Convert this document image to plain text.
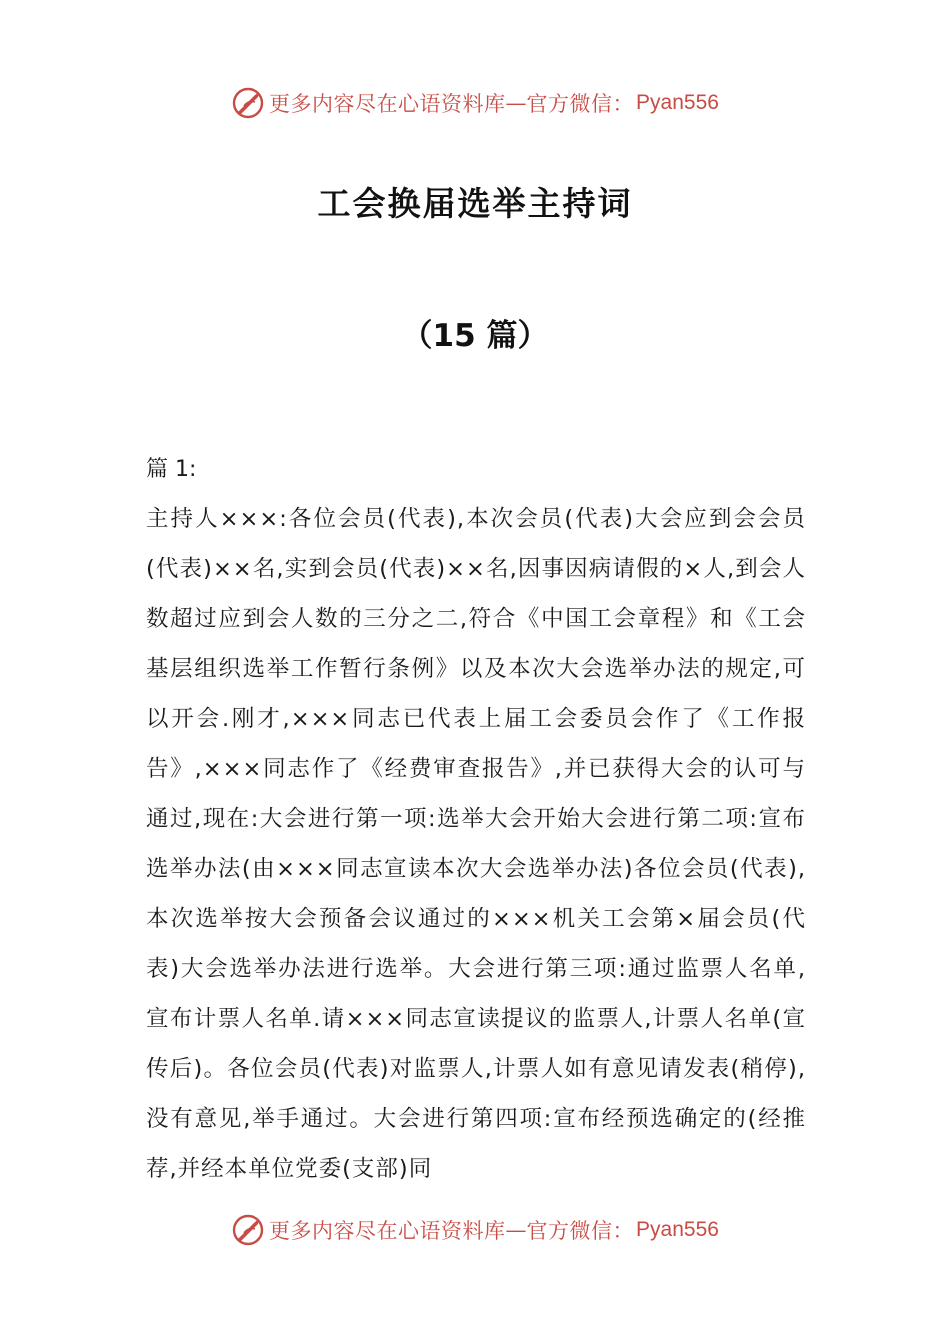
更多内容尽在心语资料库 — 官方微信： Pyan556
工会换届选举主持词
（15 篇）
篇 1:
主持人×××:各位会员(代表),本次会员(代表)大会应到会会员(代表)××名,实到会员(代表)××名,因事因病请假的×人,到会人数超过应到会人数的三分之二,符合《中国工会章程》和《工会基层组织选举工作暂行条例》以及本次大会选举办法的规定,可以开会.刚才,×××同志已代表上届工会委员会作了《工作报告》,×××同志作了《经费审查报告》,并已获得大会的认可与通过,现在:大会进行第一项:选举大会开始大会进行第二项:宣布选举办法(由×××同志宣读本次大会选举办法)各位会员(代表),本次选举按大会预备会议通过的×××机关工会第×届会员(代表)大会选举办法进行选举。大会进行第三项:通过监票人名单,宣布计票人名单.请×××同志宣读提议的监票人,计票人名单(宣传后)。各位会员(代表)对监票人,计票人如有意见请发表(稍停),没有意见,举手通过。大会进行第四项:宣布经预选确定的(经推荐,并经本单位党委(支部)同
更多内容尽在心语资料库 — 官方微信： Pyan556
